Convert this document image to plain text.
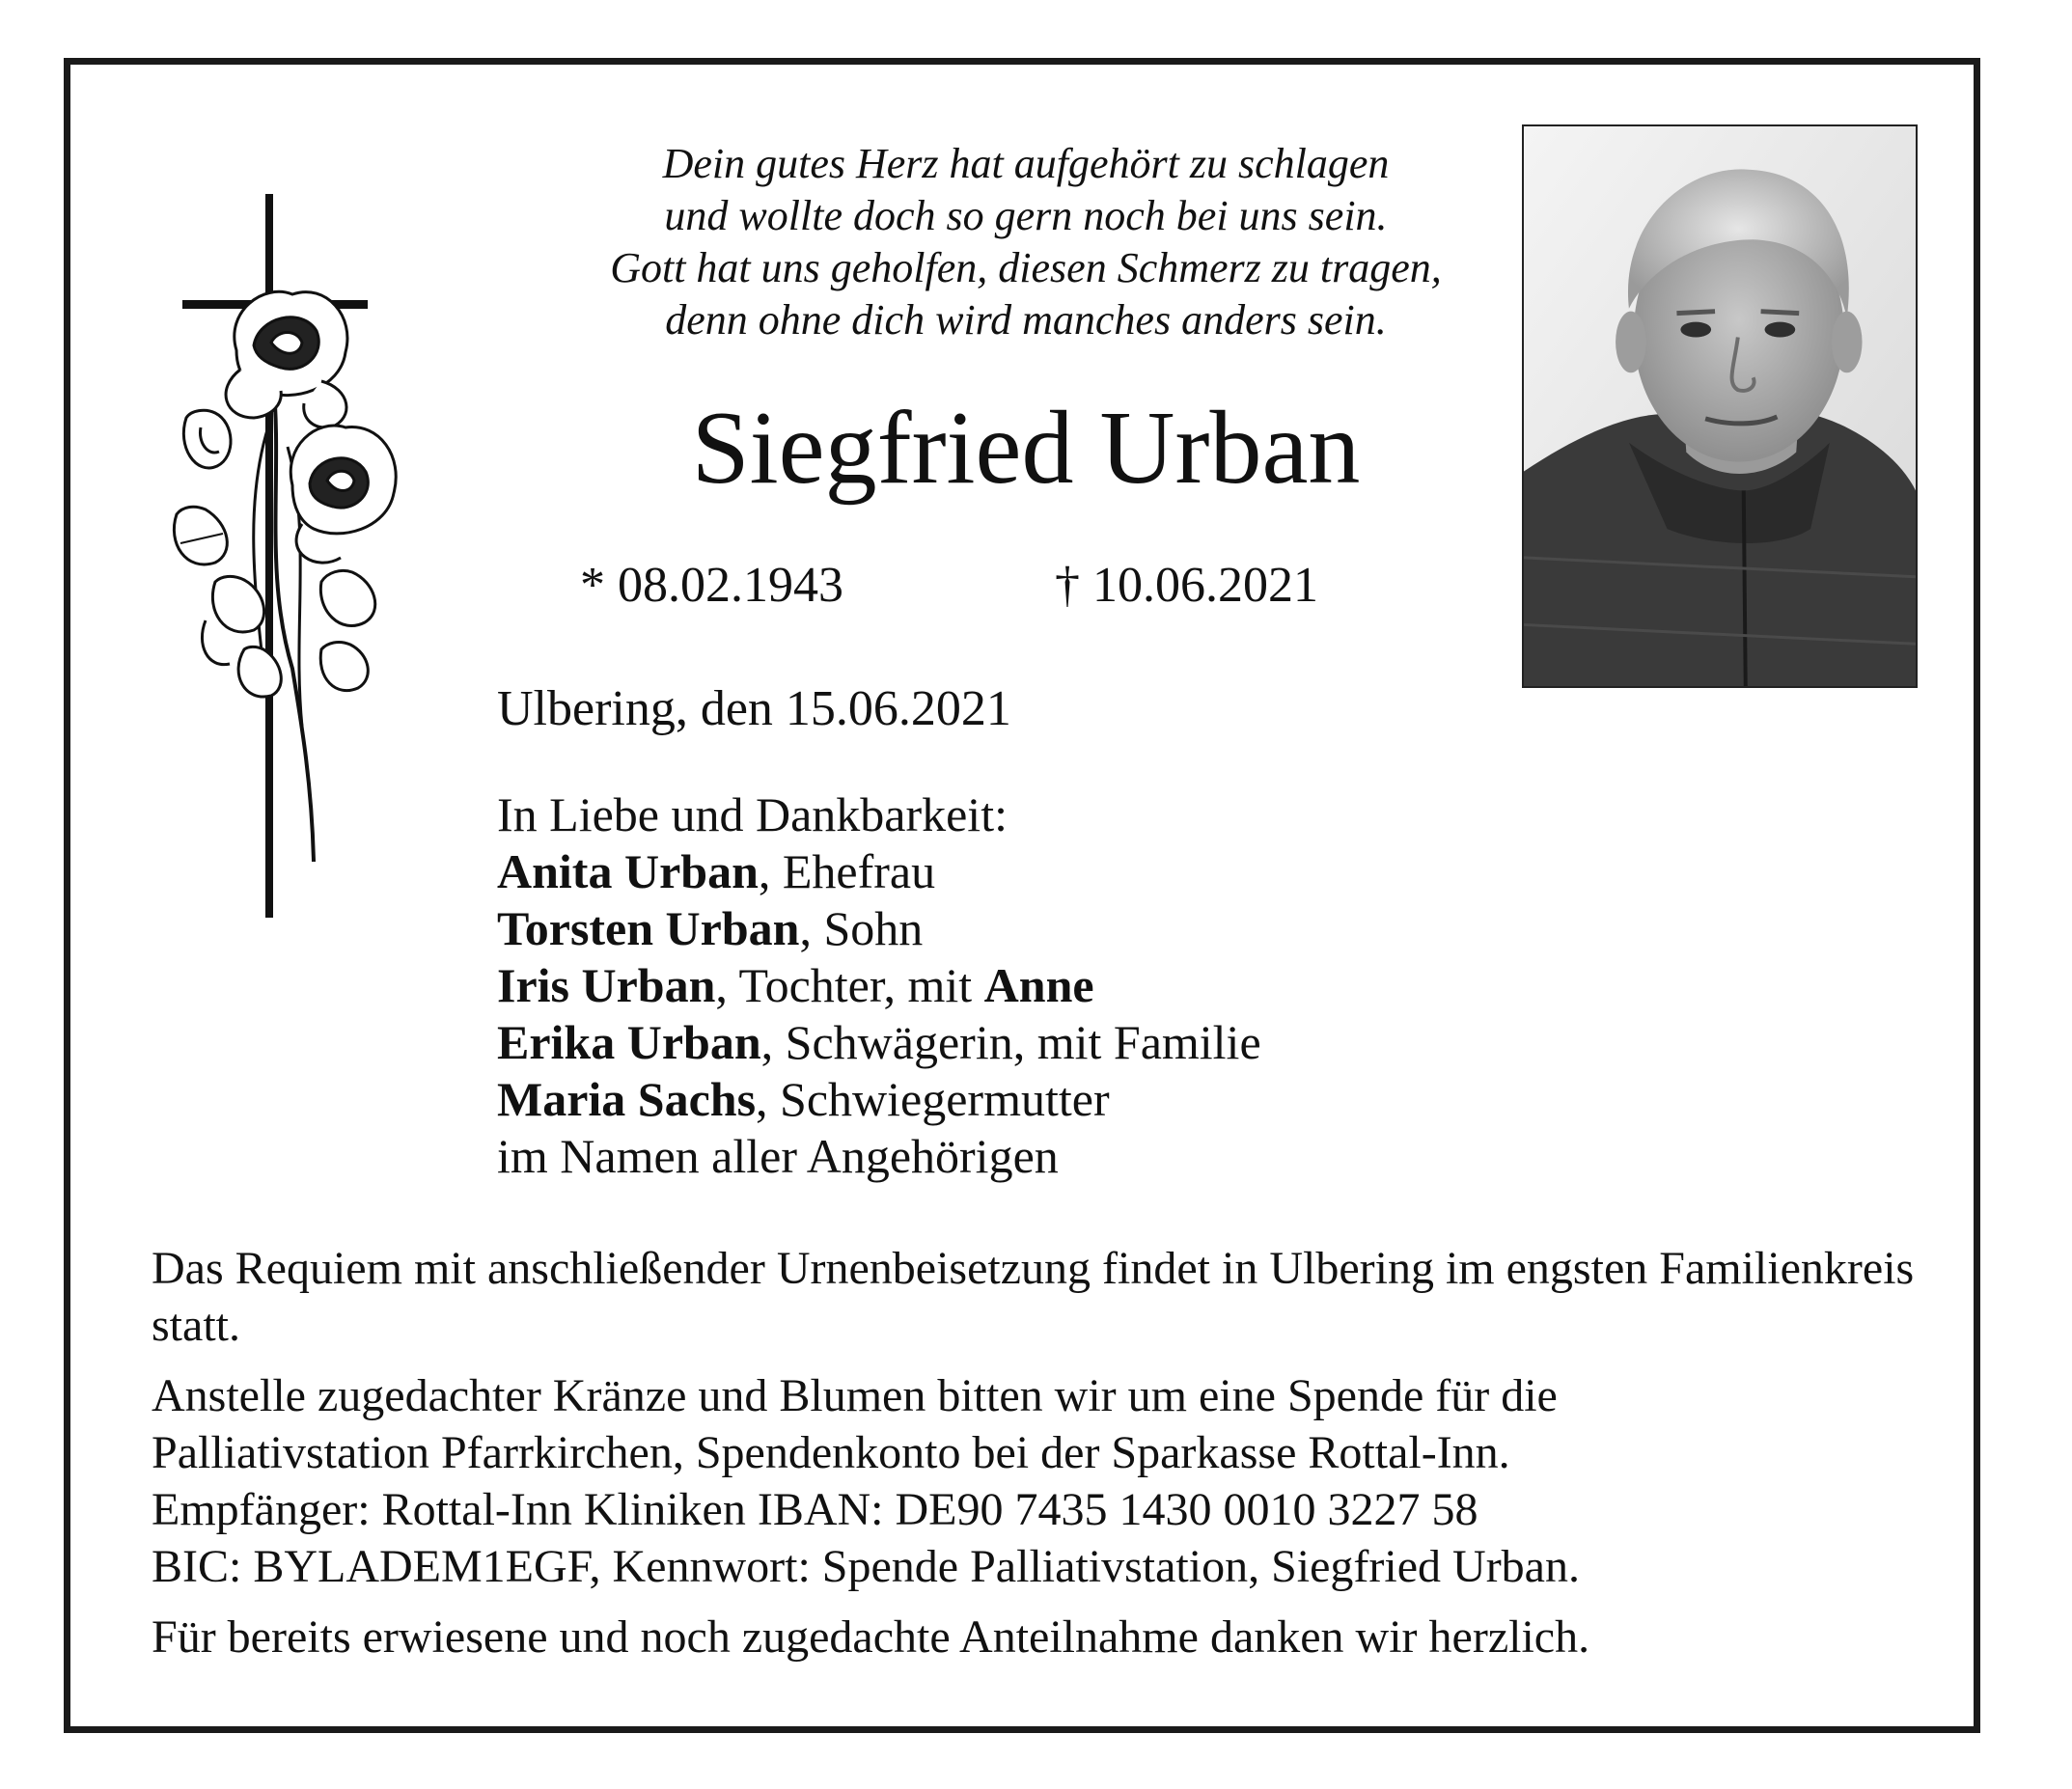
Dein gutes Herz hat aufgehört zu schlagen
und wollte doch so gern noch bei uns sein.
Gott hat uns geholfen, diesen Schmerz zu tragen,
denn ohne dich wird manches anders sein.
Siegfried Urban
* 08.02.1943	† 10.06.2021
Ulbering, den 15.06.2021
In Liebe und Dankbarkeit:
Anita Urban, Ehefrau
Torsten Urban, Sohn
Iris Urban, Tochter, mit Anne
Erika Urban, Schwägerin, mit Familie
Maria Sachs, Schwiegermutter
im Namen aller Angehörigen

Das Requiem mit anschließender Urnenbeisetzung findet in Ulbering im engsten Familienkreis statt.

Anstelle zugedachter Kränze und Blumen bitten wir um eine Spende für die
Palliativstation Pfarrkirchen, Spendenkonto bei der Sparkasse Rottal-Inn.
Empfänger: Rottal-Inn Kliniken IBAN: DE90 7435 1430 0010 3227 58
BIC: BYLADEM1EGF, Kennwort: Spende Palliativstation, Siegfried Urban.

Für bereits erwiesene und noch zugedachte Anteilnahme danken wir herzlich.
